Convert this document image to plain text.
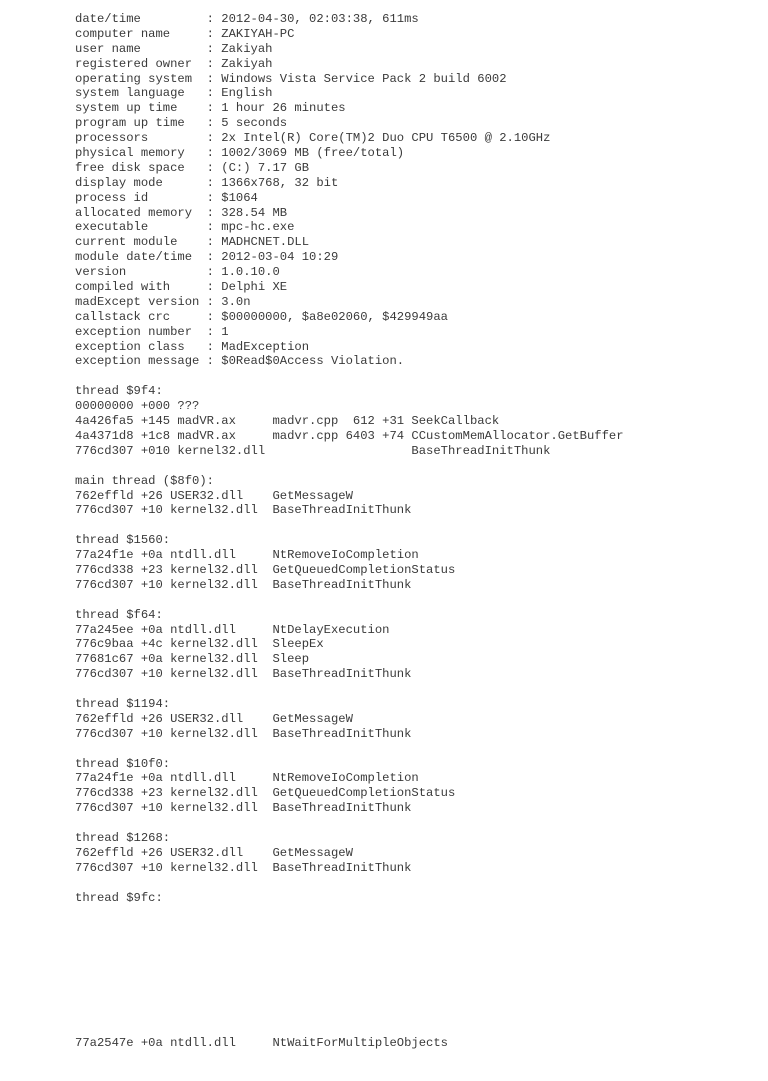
date/time         : 2012-04-30, 02:03:38, 611ms
computer name     : ZAKIYAH-PC
user name         : Zakiyah
registered owner  : Zakiyah
operating system  : Windows Vista Service Pack 2 build 6002
system language   : English
system up time    : 1 hour 26 minutes
program up time   : 5 seconds
processors        : 2x Intel(R) Core(TM)2 Duo CPU T6500 @ 2.10GHz
physical memory   : 1002/3069 MB (free/total)
free disk space   : (C:) 7.17 GB
display mode      : 1366x768, 32 bit
process id        : $1064
allocated memory  : 328.54 MB
executable        : mpc-hc.exe
current module    : MADHCNET.DLL
module date/time  : 2012-03-04 10:29
version           : 1.0.10.0
compiled with     : Delphi XE
madExcept version : 3.0n
callstack crc     : $00000000, $a8e02060, $429949aa
exception number  : 1
exception class   : MadException
exception message : $0Read$0Access Violation.
thread $9f4:
00000000 +000 ???
4a426fa5 +145 madVR.ax     madvr.cpp  612 +31 SeekCallback
4a4371d8 +1c8 madVR.ax     madvr.cpp 6403 +74 CCustomMemAllocator.GetBuffer
776cd307 +010 kernel32.dll                    BaseThreadInitThunk
main thread ($8f0):
762effld +26 USER32.dll    GetMessageW
776cd307 +10 kernel32.dll  BaseThreadInitThunk
thread $1560:
77a24f1e +0a ntdll.dll     NtRemoveIoCompletion
776cd338 +23 kernel32.dll  GetQueuedCompletionStatus
776cd307 +10 kernel32.dll  BaseThreadInitThunk
thread $f64:
77a245ee +0a ntdll.dll     NtDelayExecution
776c9baa +4c kernel32.dll  SleepEx
77681c67 +0a kernel32.dll  Sleep
776cd307 +10 kernel32.dll  BaseThreadInitThunk
thread $1194:
762effld +26 USER32.dll    GetMessageW
776cd307 +10 kernel32.dll  BaseThreadInitThunk
thread $10f0:
77a24f1e +0a ntdll.dll     NtRemoveIoCompletion
776cd338 +23 kernel32.dll  GetQueuedCompletionStatus
776cd307 +10 kernel32.dll  BaseThreadInitThunk
thread $1268:
762effld +26 USER32.dll    GetMessageW
776cd307 +10 kernel32.dll  BaseThreadInitThunk
thread $9fc:

77a2547e +0a ntdll.dll     NtWaitForMultipleObjects
